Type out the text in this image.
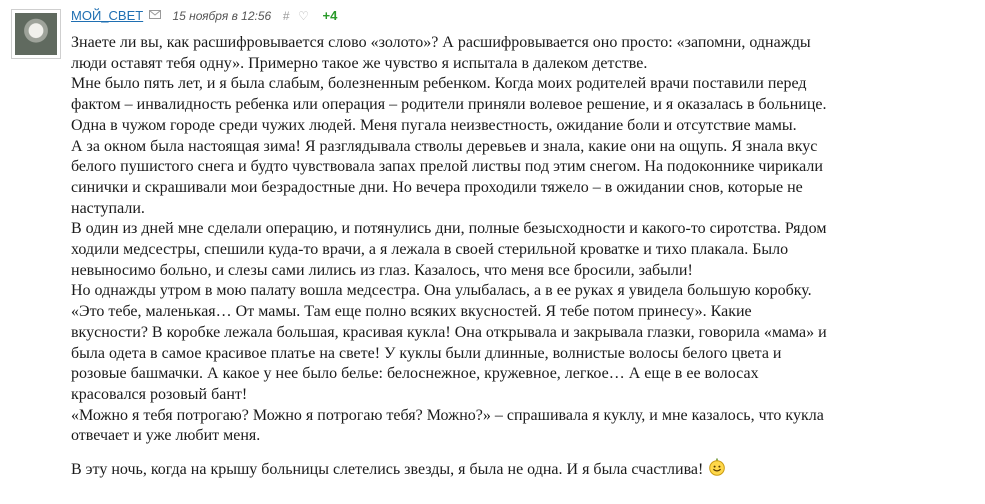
МОЙ_СВЕТ 15 ноября в 12:56 # ♡ +4

Знаете ли вы, как расшифровывается слово «золото»? А расшифровывается оно просто: «запомни, однажды люди оставят тебя одну». Примерно такое же чувство я испытала в далеком детстве.

Мне было пять лет, и я была слабым, болезненным ребенком. Когда моих родителей врачи поставили перед фактом – инвалидность ребенка или операция – родители приняли волевое решение, и я оказалась в больнице. Одна в чужом городе среди чужих людей. Меня пугала неизвестность, ожидание боли и отсутствие мамы.

А за окном была настоящая зима! Я разглядывала стволы деревьев и знала, какие они на ощупь. Я знала вкус белого пушистого снега и будто чувствовала запах прелой листвы под этим снегом. На подоконнике чирикали синички и скрашивали мои безрадостные дни. Но вечера проходили тяжело – в ожидании снов, которые не наступали.

В один из дней мне сделали операцию, и потянулись дни, полные безысходности и какого-то сиротства. Рядом ходили медсестры, спешили куда-то врачи, а я лежала в своей стерильной кроватке и тихо плакала. Было невыносимо больно, и слезы сами лились из глаз. Казалось, что меня все бросили, забыли!

Но однажды утром в мою палату вошла медсестра. Она улыбалась, а в ее руках я увидела большую коробку. «Это тебе, маленькая… От мамы. Там еще полно всяких вкусностей. Я тебе потом принесу». Какие вкусности? В коробке лежала большая, красивая кукла! Она открывала и закрывала глазки, говорила «мама» и была одета в самое красивое платье на свете! У куклы были длинные, волнистые волосы белого цвета и розовые башмачки. А какое у нее было белье: белоснежное, кружевное, легкое… А еще в ее волосах красовался розовый бант!

«Можно я тебя потрогаю? Можно я потрогаю тебя? Можно?» – спрашивала я куклу, и мне казалось, что кукла отвечает и уже любит меня.

В эту ночь, когда на крышу больницы слетелись звезды, я была не одна. И я была счастлива!
